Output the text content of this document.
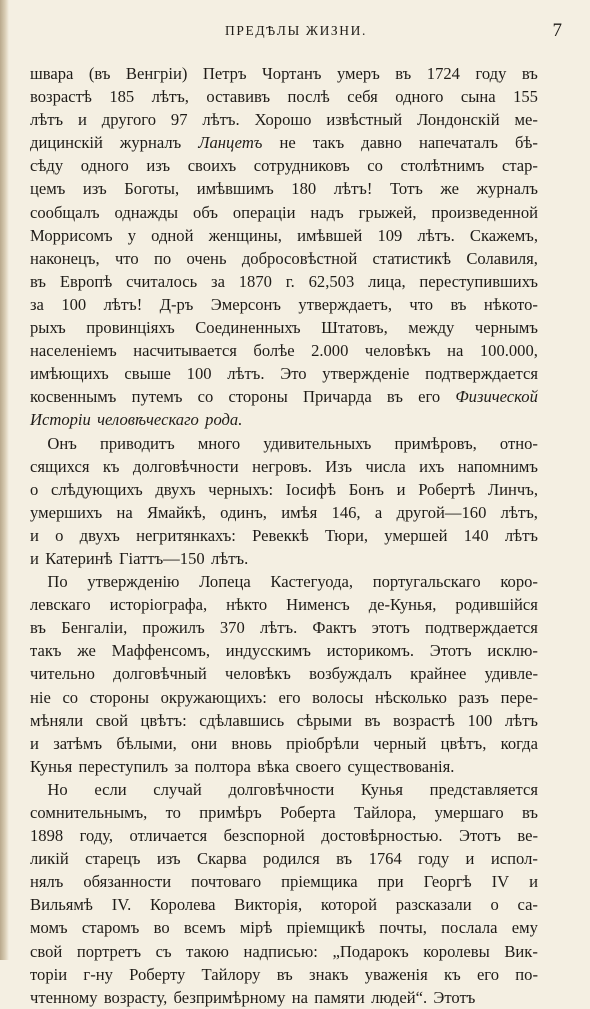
ПРЕДѢЛЫ ЖИЗНИ.	7
швара (въ Венгріи) Петръ Чортанъ умеръ въ 1724 году въ
возрастѣ 185 лѣтъ, оставивъ послѣ себя одного сына 155
лѣтъ и другого 97 лѣтъ. Хорошо извѣстный Лондонскій ме-
дицинскій журналъ Ланцетъ не такъ давно напечаталъ бѣ-
сѣду одного изъ своихъ сотрудниковъ со столѣтнимъ стар-
цемъ изъ Боготы, имѣвшимъ 180 лѣтъ! Тотъ же журналъ
сообщалъ однажды объ операціи надъ грыжей, произведенной
Моррисомъ у одной женщины, имѣвшей 109 лѣтъ. Скажемъ,
наконецъ, что по очень добросовѣстной статистикѣ Солавиля,
въ Европѣ считалось за 1870 г. 62,503 лица, переступившихъ
за 100 лѣтъ! Д-ръ Эмерсонъ утверждаетъ, что въ нѣкото-
рыхъ провинціяхъ Соединенныхъ Штатовъ, между чернымъ
населеніемъ насчитывается болѣе 2.000 человѣкъ на 100.000,
имѣющихъ свыше 100 лѣтъ. Это утвержденіе подтверждается
косвеннымъ путемъ со стороны Причарда въ его Физической
Исторіи человѣческаго рода.
Онъ приводитъ много удивительныхъ примѣровъ, отно-
сящихся къ долговѣчности негровъ. Изъ числа ихъ напомнимъ
о слѣдующихъ двухъ черныхъ: Іосифѣ Бонъ и Робертѣ Линчъ,
умершихъ на Ямайкѣ, одинъ, имѣя 146, а другой—160 лѣтъ,
и о двухъ негритянкахъ: Ревеккѣ Тюри, умершей 140 лѣтъ
и Катеринѣ Гіаттъ—150 лѣтъ.
По утвержденію Лопеца Кастегуода, португальскаго коро-
левскаго исторіографа, нѣкто Нименсъ де-Кунья, родившійся
въ Бенгаліи, прожилъ 370 лѣтъ. Фактъ этотъ подтверждается
такъ же Маффенсомъ, индусскимъ историкомъ. Этотъ исклю-
чительно долговѣчный человѣкъ возбуждалъ крайнее удивле-
ніе со стороны окружающихъ: его волосы нѣсколько разъ пере-
мѣняли свой цвѣтъ: сдѣлавшись сѣрыми въ возрастѣ 100 лѣтъ
и затѣмъ бѣлыми, они вновь пріобрѣли черный цвѣтъ, когда
Кунья переступилъ за полтора вѣка своего существованія.
Но если случай долговѣчности Кунья представляется
сомнительнымъ, то примѣръ Роберта Тайлора, умершаго въ
1898 году, отличается безспорной достовѣрностью. Этотъ ве-
ликій старецъ изъ Скарва родился въ 1764 году и испол-
нялъ обязанности почтоваго пріемщика при Георгѣ IV и
Вильямѣ IV. Королева Викторія, которой разсказали о са-
момъ старомъ во всемъ мірѣ пріемщикѣ почты, послала ему
свой портретъ съ такою надписью: „Подарокъ королевы Вик-
торіи г-ну Роберту Тайлору въ знакъ уваженія къ его по-
чтенному возрасту, безпримѣрному на памяти людей“. Этотъ
